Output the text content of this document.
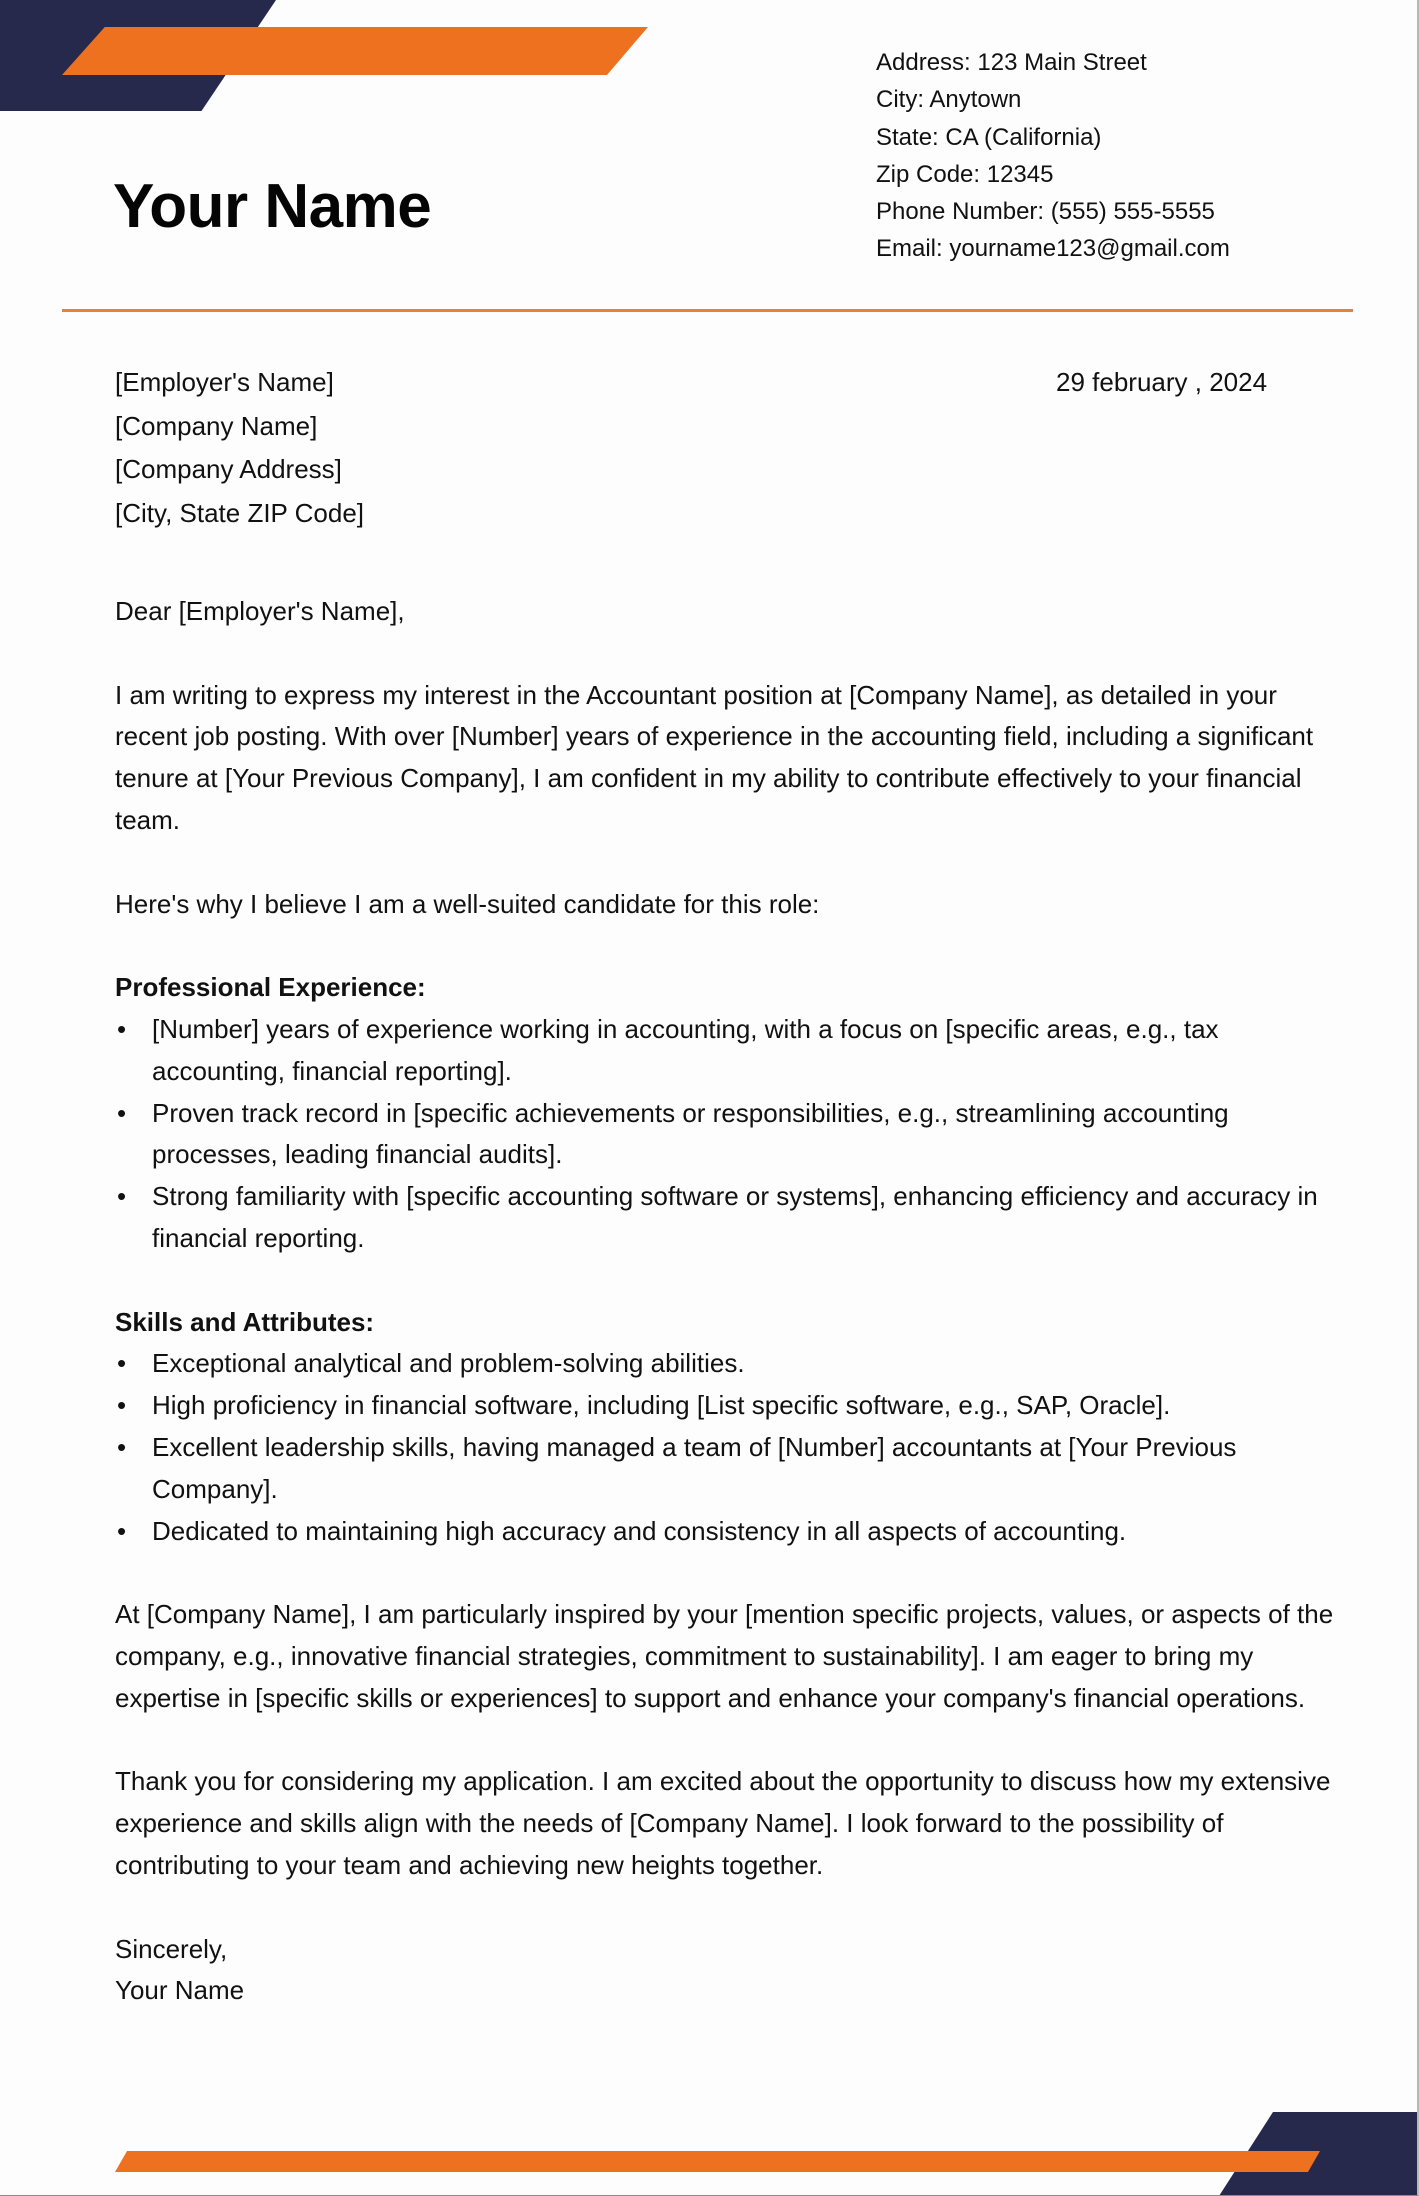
Your Name
Address: 123 Main Street
City: Anytown
State: CA (California)
Zip Code: 12345
Phone Number: (555) 555-5555
Email: yourname123@gmail.com
[Employer's Name]
[Company Name]
[Company Address]
[City, State ZIP Code]
29 february , 2024

Dear [Employer's Name],

I am writing to express my interest in the Accountant position at [Company Name], as detailed in your recent job posting. With over [Number] years of experience in the accounting field, including a significant tenure at [Your Previous Company], I am confident in my ability to contribute effectively to your financial team.

Here's why I believe I am a well-suited candidate for this role:

Professional Experience:
• [Number] years of experience working in accounting, with a focus on [specific areas, e.g., tax accounting, financial reporting].
• Proven track record in [specific achievements or responsibilities, e.g., streamlining accounting processes, leading financial audits].
• Strong familiarity with [specific accounting software or systems], enhancing efficiency and accuracy in financial reporting.
Skills and Attributes:
• Exceptional analytical and problem-solving abilities.
• High proficiency in financial software, including [List specific software, e.g., SAP, Oracle].
• Excellent leadership skills, having managed a team of [Number] accountants at [Your Previous Company].
• Dedicated to maintaining high accuracy and consistency in all aspects of accounting.

At [Company Name], I am particularly inspired by your [mention specific projects, values, or aspects of the company, e.g., innovative financial strategies, commitment to sustainability]. I am eager to bring my expertise in [specific skills or experiences] to support and enhance your company's financial operations.

Thank you for considering my application. I am excited about the opportunity to discuss how my extensive experience and skills align with the needs of [Company Name]. I look forward to the possibility of contributing to your team and achieving new heights together.

Sincerely,
Your Name
